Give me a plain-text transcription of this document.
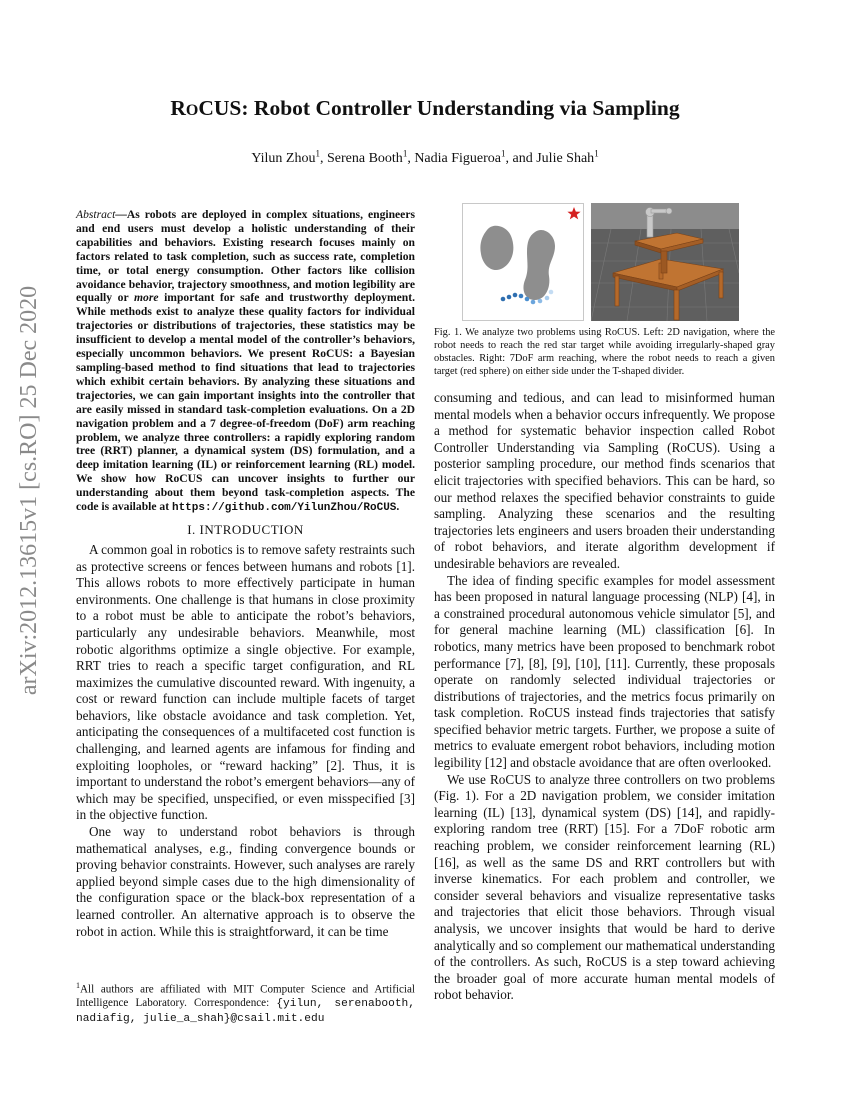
arXiv:2012.13615v1 [cs.RO] 25 Dec 2020
ROCUS: Robot Controller Understanding via Sampling

Yilun Zhou$^1$, Serena Booth$^1$, Nadia Figueroa$^1$, and Julie Shah$^1$

Abstract—As robots are deployed in complex situations, engineers and end users must develop a holistic understanding of their capabilities and behaviors. Existing research focuses mainly on factors related to task completion, such as success rate, completion time, or total energy consumption. Other factors like collision avoidance behavior, trajectory smoothness, and motion legibility are equally or more important for safe and trustworthy deployment. While methods exist to analyze these quality factors for individual trajectories or distributions of trajectories, these statistics may be insufficient to develop a mental model of the controller’s behaviors, especially uncommon behaviors. We present RoCUS: a Bayesian sampling-based method to find situations that lead to trajectories which exhibit certain behaviors. By analyzing these situations and trajectories, we can gain important insights into the controller that are easily missed in standard task-completion evaluations. On a 2D navigation problem and a 7 degree-of-freedom (DoF) arm reaching problem, we analyze three controllers: a rapidly exploring random tree (RRT) planner, a dynamical system (DS) formulation, and a deep imitation learning (IL) or reinforcement learning (RL) model. We show how RoCUS can uncover insights to further our understanding about them beyond task-completion aspects. The code is available at https://github.com/YilunZhou/RoCUS.

I. INTRODUCTION

A common goal in robotics is to remove safety restraints such as protective screens or fences between humans and robots [1]. This allows robots to more effectively participate in human environments. One challenge is that humans in close proximity to a robot must be able to anticipate the robot’s behaviors, particularly any undesirable behaviors. Meanwhile, most robotic algorithms optimize a single objective. For example, RRT tries to reach a specific target configuration, and RL maximizes the cumulative discounted reward. With ingenuity, a cost or reward function can include multiple facets of target behaviors, like obstacle avoidance and task completion. Yet, anticipating the consequences of a multifaceted cost function is challenging, and learned agents are infamous for finding and exploiting loopholes, or “reward hacking” [2]. Thus, it is important to understand the robot’s emergent behaviors—any of which may be specified, unspecified, or even misspecified [3] in the objective function.

One way to understand robot behaviors is through mathematical analyses, e.g., finding convergence bounds or proving behavior constraints. However, such analyses are rarely applied beyond simple cases due to the high dimensionality of the configuration space or the black-box representation of a learned controller. An alternative approach is to observe the robot in action. While this is straightforward, it can be time

$^1$All authors are affiliated with MIT Computer Science and Artificial Intelligence Laboratory. Correspondence: {yilun, serenabooth, nadiafig, julie_a_shah}@csail.mit.edu

Fig. 1. We analyze two problems using RoCUS. Left: 2D navigation, where the robot needs to reach the red star target while avoiding irregularly-shaped gray obstacles. Right: 7DoF arm reaching, where the robot needs to reach a given target (red sphere) on either side under the T-shaped divider.

consuming and tedious, and can lead to misinformed human mental models when a behavior occurs infrequently. We propose a method for systematic behavior inspection called Robot Controller Understanding via Sampling (RoCUS). Using a posterior sampling procedure, our method finds scenarios that elicit trajectories with specified behaviors. This can be hard, so our method relaxes the specified behavior constraints to guide sampling. Analyzing these scenarios and the resulting trajectories lets engineers and users broaden their understanding of robot behaviors, and iterate algorithm development if undesirable behaviors are revealed.

The idea of finding specific examples for model assessment has been proposed in natural language processing (NLP) [4], in a constrained procedural autonomous vehicle simulator [5], and for general machine learning (ML) classification [6]. In robotics, many metrics have been proposed to benchmark robot performance [7], [8], [9], [10], [11]. Currently, these proposals operate on randomly selected individual trajectories or distributions of trajectories, and the metrics focus primarily on task completion. RoCUS instead finds trajectories that satisfy specified behavior metric targets. Further, we propose a suite of metrics to evaluate emergent robot behaviors, including motion legibility [12] and obstacle avoidance that are often overlooked.

We use RoCUS to analyze three controllers on two problems (Fig. 1). For a 2D navigation problem, we consider imitation learning (IL) [13], dynamical system (DS) [14], and rapidly-exploring random tree (RRT) [15]. For a 7DoF robotic arm reaching problem, we consider reinforcement learning (RL) [16], as well as the same DS and RRT controllers but with inverse kinematics. For each problem and controller, we consider several behaviors and visualize representative tasks and trajectories that elicit those behaviors. Through visual analysis, we uncover insights that would be hard to derive analytically and so complement our mathematical understanding of the controllers. As such, RoCUS is a step toward achieving the broader goal of more accurate human mental models of robot behavior.
